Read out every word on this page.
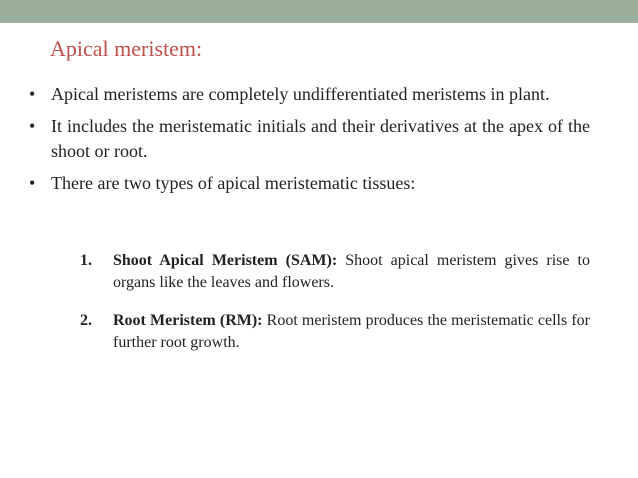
Apical meristem:
• Apical meristems are completely undifferentiated meristems in plant.
• It includes the meristematic initials and their derivatives at the apex of the shoot or root.
• There are two types of apical meristematic tissues:
1.	Shoot Apical Meristem (SAM): Shoot apical meristem gives rise to organs like the leaves and flowers.
2.	Root Meristem (RM): Root meristem produces the meristematic cells for further root growth.
